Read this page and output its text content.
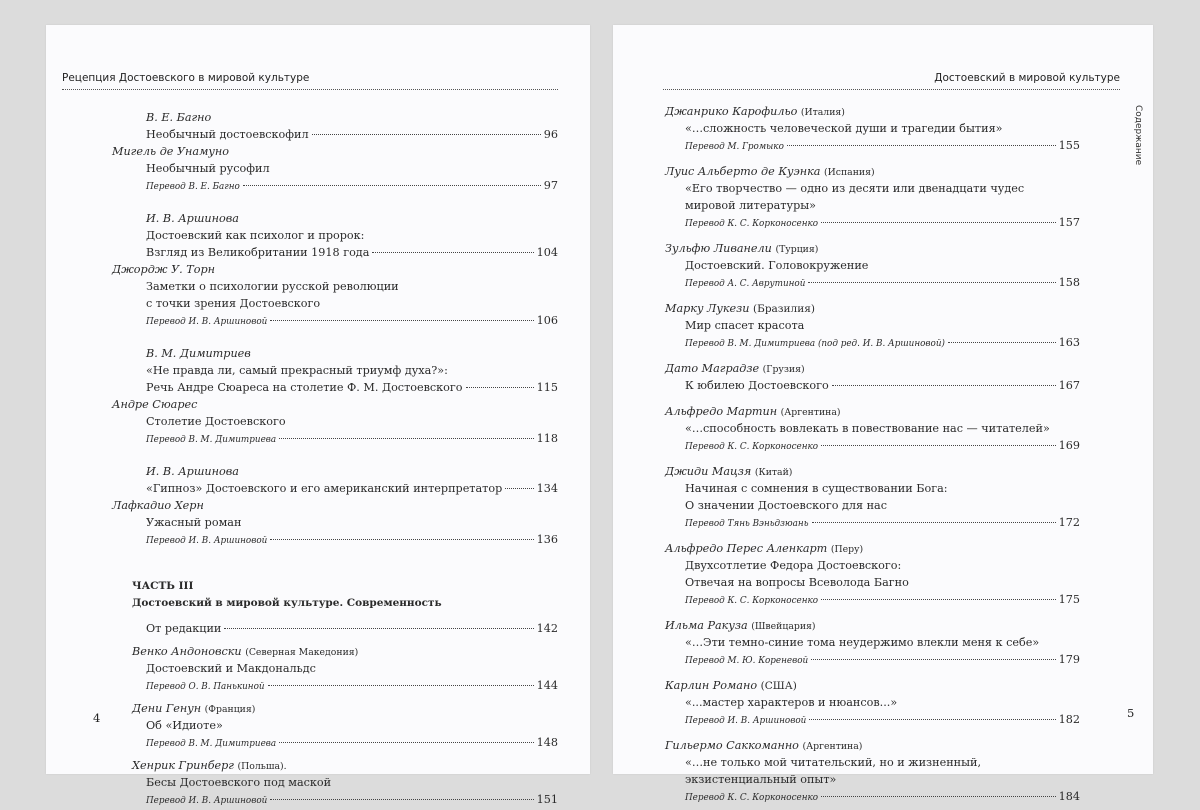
Рецепция Достоевского в мировой культуре
В. Е. Багно
Необычный достоевскофил	96
Мигель де Унамуно
Необычный русофил
Перевод В. Е. Багно	97
И. В. Аршинова
Достоевский как психолог и пророк:
Взгляд из Великобритании 1918 года	104
Джордж У. Торн
Заметки о психологии русской революции
с точки зрения Достоевского
Перевод И. В. Аршиновой	106
В. М. Димитриев
«Не правда ли, самый прекрасный триумф духа?»:
Речь Андре Сюареса на столетие Ф. М. Достоевского	115
Андре Сюарес
Столетие Достоевского
Перевод В. М. Димитриева	118
И. В. Аршинова
«Гипноз» Достоевского и его американский интерпретатор	134
Лафкадио Херн
Ужасный роман
Перевод И. В. Аршиновой	136
ЧАСТЬ III
Достоевский в мировой культуре. Современность
От редакции	142
Венко Андоновски (Северная Македония)
Достоевский и Макдональдс
Перевод О. В. Панькиной	144
Дени Генун (Франция)
Об «Идиоте»
Перевод В. М. Димитриева	148
Хенрик Гринберг (Польша).
Бесы Достоевского под маской
Перевод И. В. Аршиновой	151
4
Достоевский в мировой культуре
Содержание
Джанрико Карофильо (Италия)
«…сложность человеческой души и трагедии бытия»
Перевод М. Громыко	155
Луис Альберто де Куэнка (Испания)
«Его творчество — одно из десяти или двенадцати чудес
мировой литературы»
Перевод К. С. Корконосенко	157
Зульфю Ливанели (Турция)
Достоевский. Головокружение
Перевод А. С. Аврутиной	158
Марку Лукези (Бразилия)
Мир спасет красота
Перевод В. М. Димитриева (под ред. И. В. Аршиновой)	163
Дато Маградзе (Грузия)
К юбилею Достоевского	167
Альфредо Мартин (Аргентина)
«…способность вовлекать в повествование нас — читателей»
Перевод К. С. Корконосенко	169
Джиди Мацзя (Китай)
Начиная с сомнения в существовании Бога:
О значении Достоевского для нас
Перевод Тянь Вэньдзюань	172
Альфредо Перес Аленкарт (Перу)
Двухсотлетие Федора Достоевского:
Отвечая на вопросы Всеволода Багно
Перевод К. С. Корконосенко	175
Ильма Ракуза (Швейцария)
«…Эти темно-синие тома неудержимо влекли меня к себе»
Перевод М. Ю. Кореневой	179
Карлин Романо (США)
«...мастер характеров и нюансов...»
Перевод И. В. Аршиновой	182
Гильермо Саккоманно (Аргентина)
«…не только мой читательский, но и жизненный,
экзистенциальный опыт»
Перевод К. С. Корконосенко	184
5
